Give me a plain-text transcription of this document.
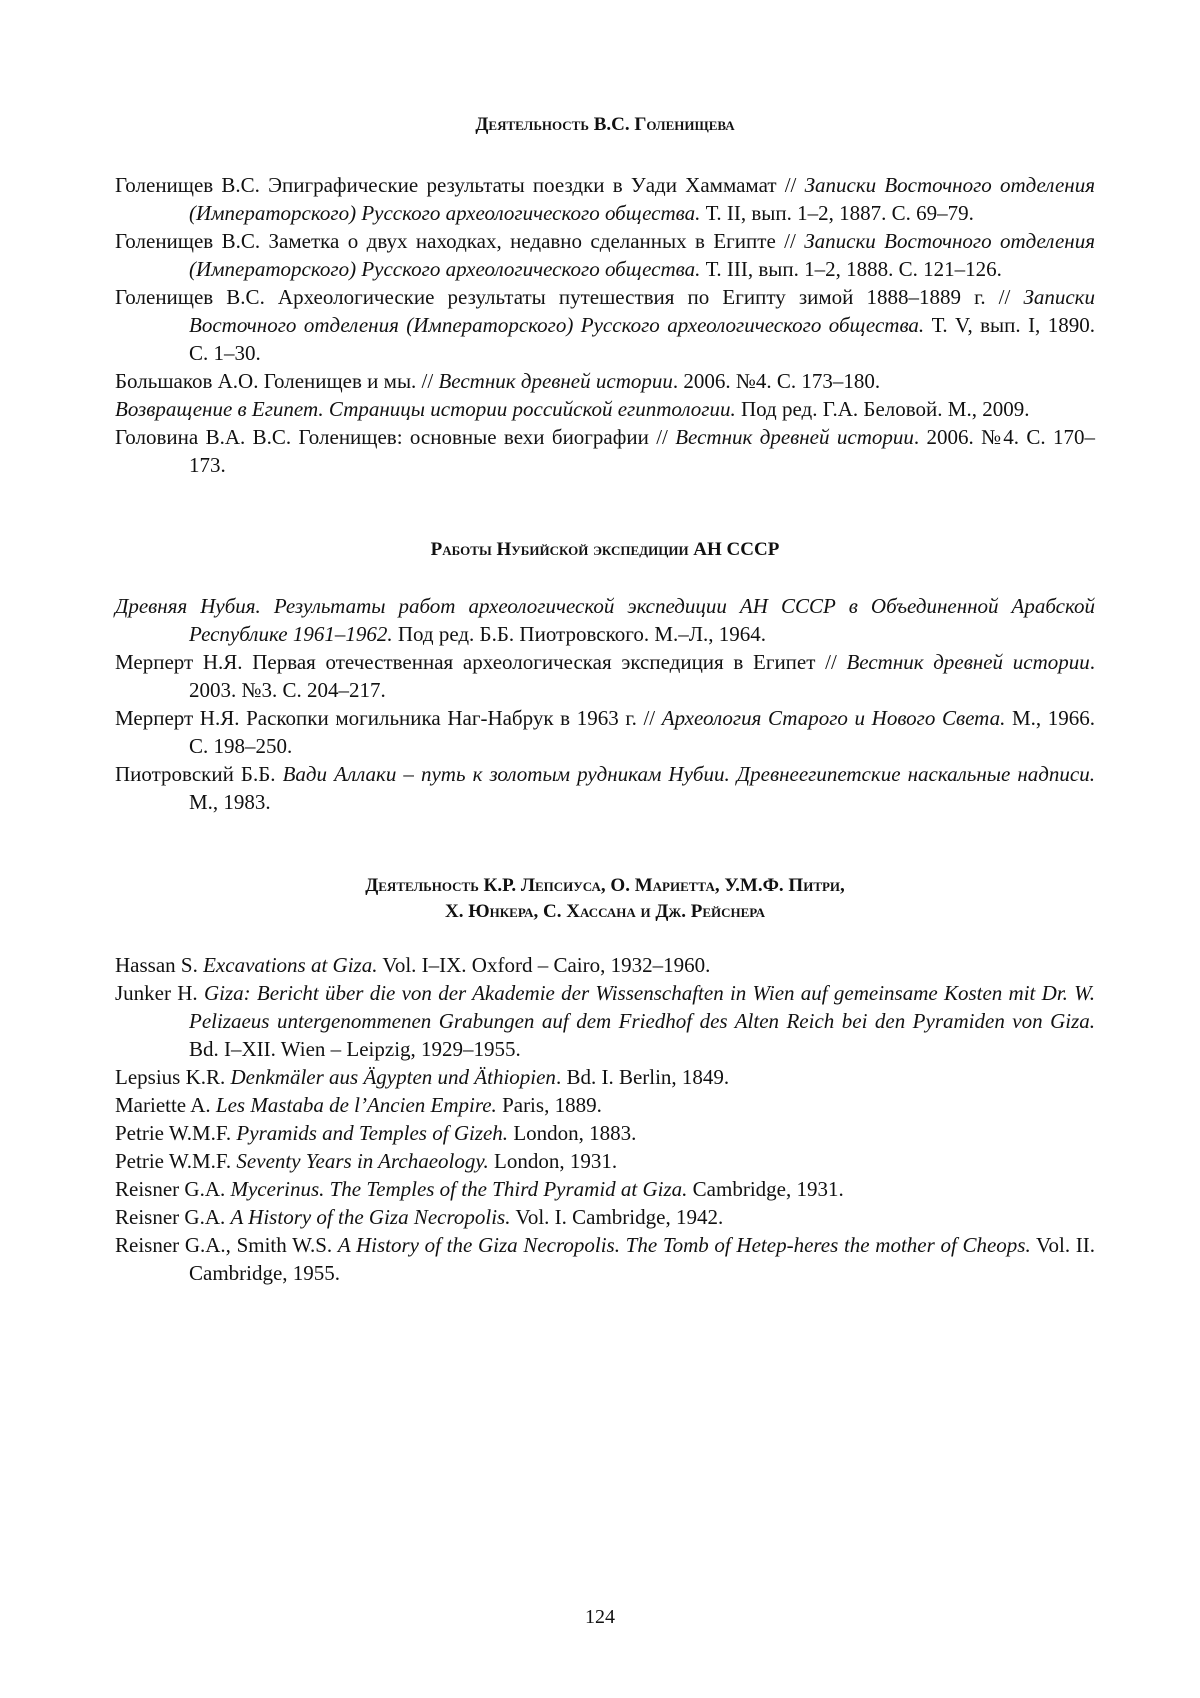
Деятельность В.С. Голенищева
Голенищев В.С. Эпиграфические результаты поездки в Уади Хаммамат // Записки Восточного отделения (Императорского) Русского археологического общества. Т. II, вып. 1–2, 1887. С. 69–79.
Голенищев В.С. Заметка о двух находках, недавно сделанных в Египте // Записки Восточного отделения (Императорского) Русского археологического общества. Т. III, вып. 1–2, 1888. С. 121–126.
Голенищев В.С. Археологические результаты путешествия по Египту зимой 1888–1889 г. // Записки Восточного отделения (Императорского) Русского археологического общества. Т. V, вып. I, 1890. С. 1–30.
Большаков А.О. Голенищев и мы. // Вестник древней истории. 2006. №4. С. 173–180.
Возвращение в Египет. Страницы истории российской египтологии. Под ред. Г.А. Беловой. М., 2009.
Головина В.А. В.С. Голенищев: основные вехи биографии // Вестник древней истории. 2006. №4. С. 170–173.
Работы Нубийской экспедиции АН СССР
Древняя Нубия. Результаты работ археологической экспедиции АН СССР в Объединенной Арабской Республике 1961–1962. Под ред. Б.Б. Пиотровского. М.–Л., 1964.
Мерперт Н.Я. Первая отечественная археологическая экспедиция в Египет // Вестник древней истории. 2003. №3. С. 204–217.
Мерперт Н.Я. Раскопки могильника Наг-Набрук в 1963 г. // Археология Старого и Нового Света. М., 1966. С. 198–250.
Пиотровский Б.Б. Вади Аллаки – путь к золотым рудникам Нубии. Древнеегипетские наскальные надписи. М., 1983.
Деятельность К.Р. Лепсиуса, О. Мариетта, У.М.Ф. Питри,
Х. Юнкера, С. Хассана и Дж. Рейснера
Hassan S. Excavations at Giza. Vol. I–IX. Oxford – Cairo, 1932–1960.
Junker H. Giza: Bericht über die von der Akademie der Wissenschaften in Wien auf gemeinsame Kosten mit Dr. W. Pelizaeus untergenommenen Grabungen auf dem Friedhof des Alten Reich bei den Pyramiden von Giza. Bd. I–XII. Wien – Leipzig, 1929–1955.
Lepsius K.R. Denkmäler aus Ägypten und Äthiopien. Bd. I. Berlin, 1849.
Mariette A. Les Mastaba de l’Ancien Empire. Paris, 1889.
Petrie W.M.F. Pyramids and Temples of Gizeh. London, 1883.
Petrie W.M.F. Seventy Years in Archaeology. London, 1931.
Reisner G.A. Mycerinus. The Temples of the Third Pyramid at Giza. Cambridge, 1931.
Reisner G.A. A History of the Giza Necropolis. Vol. I. Cambridge, 1942.
Reisner G.A., Smith W.S. A History of the Giza Necropolis. The Tomb of Hetep-heres the mother of Cheops. Vol. II. Cambridge, 1955.
124
